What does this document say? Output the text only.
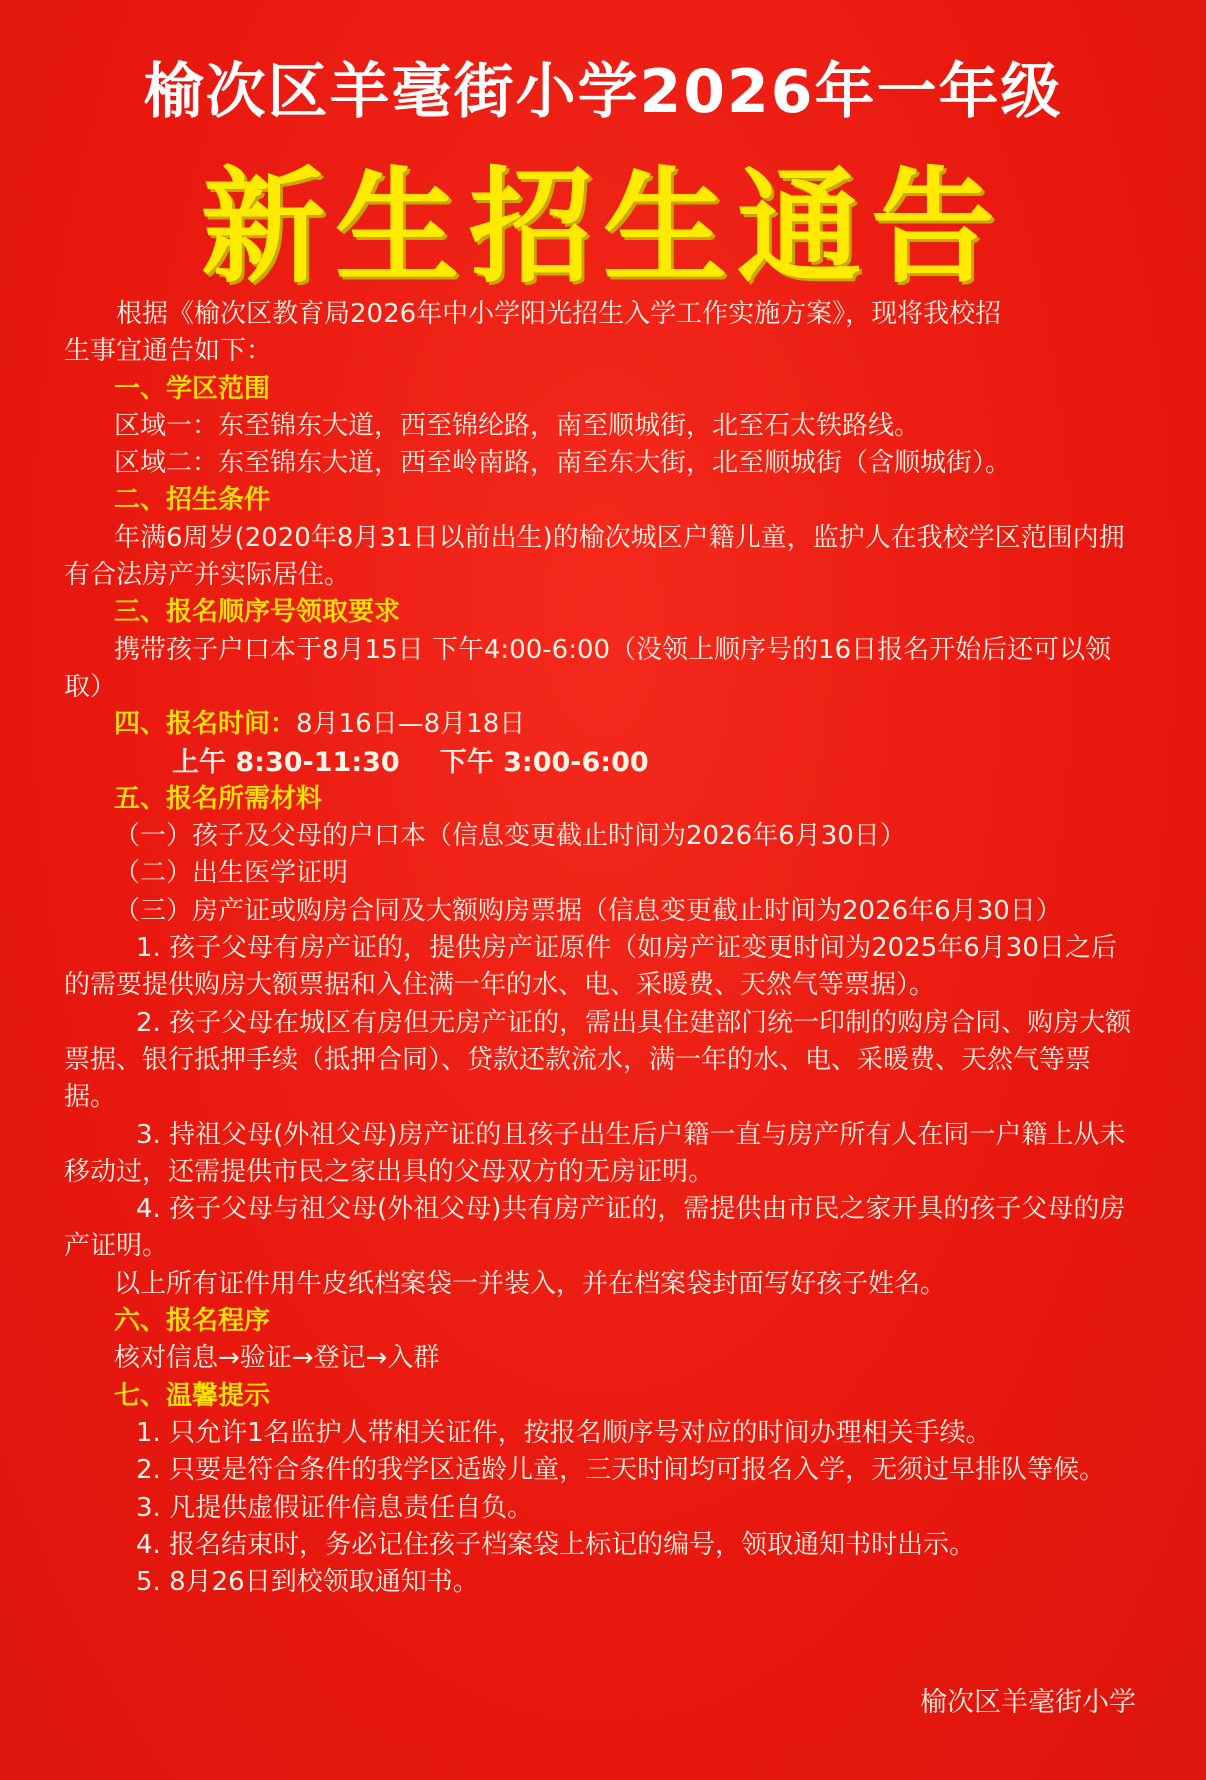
榆次区羊毫街小学2026年一年级
新生招生通告

根据《榆次区教育局2026年中小学阳光招生入学工作实施方案》，现将我校招

生事宜通告如下：

一、学区范围

区域一：东至锦东大道，西至锦纶路，南至顺城街，北至石太铁路线。

区域二：东至锦东大道，西至岭南路，南至东大街，北至顺城街（含顺城街）。

二、招生条件

年满6周岁(2020年8月31日以前出生)的榆次城区户籍儿童，监护人在我校学区范围内拥有合法房产并实际居住。

三、报名顺序号领取要求

携带孩子户口本于8月15日 下午4:00-6:00（没领上顺序号的16日报名开始后还可以领取）

四、报名时间：8月16日—8月18日

上午 8:30-11:30 下午 3:00-6:00

五、报名所需材料

（一）孩子及父母的户口本（信息变更截止时间为2026年6月30日）

（二）出生医学证明

（三）房产证或购房合同及大额购房票据（信息变更截止时间为2026年6月30日）

1. 孩子父母有房产证的，提供房产证原件（如房产证变更时间为2025年6月30日之后的需要提供购房大额票据和入住满一年的水、电、采暖费、天然气等票据）。

2. 孩子父母在城区有房但无房产证的，需出具住建部门统一印制的购房合同、购房大额票据、银行抵押手续（抵押合同）、贷款还款流水，满一年的水、电、采暖费、天然气等票据。

3. 持祖父母(外祖父母)房产证的且孩子出生后户籍一直与房产所有人在同一户籍上从未移动过，还需提供市民之家出具的父母双方的无房证明。

4. 孩子父母与祖父母(外祖父母)共有房产证的，需提供由市民之家开具的孩子父母的房产证明。

以上所有证件用牛皮纸档案袋一并装入，并在档案袋封面写好孩子姓名。

六、报名程序

核对信息→验证→登记→入群

七、温馨提示

1. 只允许1名监护人带相关证件，按报名顺序号对应的时间办理相关手续。

2. 只要是符合条件的我学区适龄儿童，三天时间均可报名入学，无须过早排队等候。

3. 凡提供虚假证件信息责任自负。

4. 报名结束时，务必记住孩子档案袋上标记的编号，领取通知书时出示。

5. 8月26日到校领取通知书。

榆次区羊毫街小学
